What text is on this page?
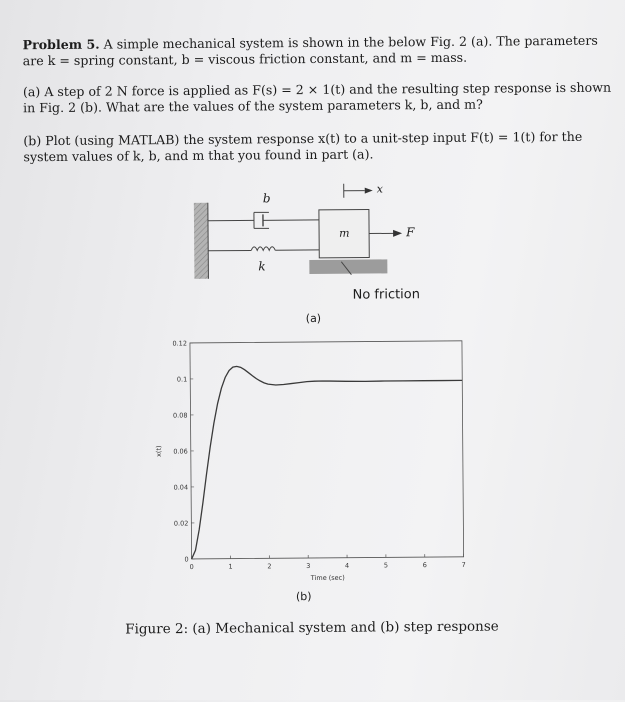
Problem 5. A simple mechanical system is shown in the below Fig. 2 (a). The parameters
are k = spring constant, b = viscous friction constant, and m = mass.
(a) A step of 2 N force is applied as F(s) = 2 × 1(t) and the resulting step response is shown
in Fig. 2 (b). What are the values of the system parameters k, b, and m?
(b) Plot (using MATLAB) the system response x(t) to a unit-step input F(t) = 1(t) for the
system values of k, b, and m that you found in part (a).
b
k
m
x
F
No friction
(a)
0	1	2	3	4	5	6	7
0
0.02
0.04
0.06
0.08
0.1
0.12
Time (sec)
x(t)
(b)
Figure 2: (a) Mechanical system and (b) step response
